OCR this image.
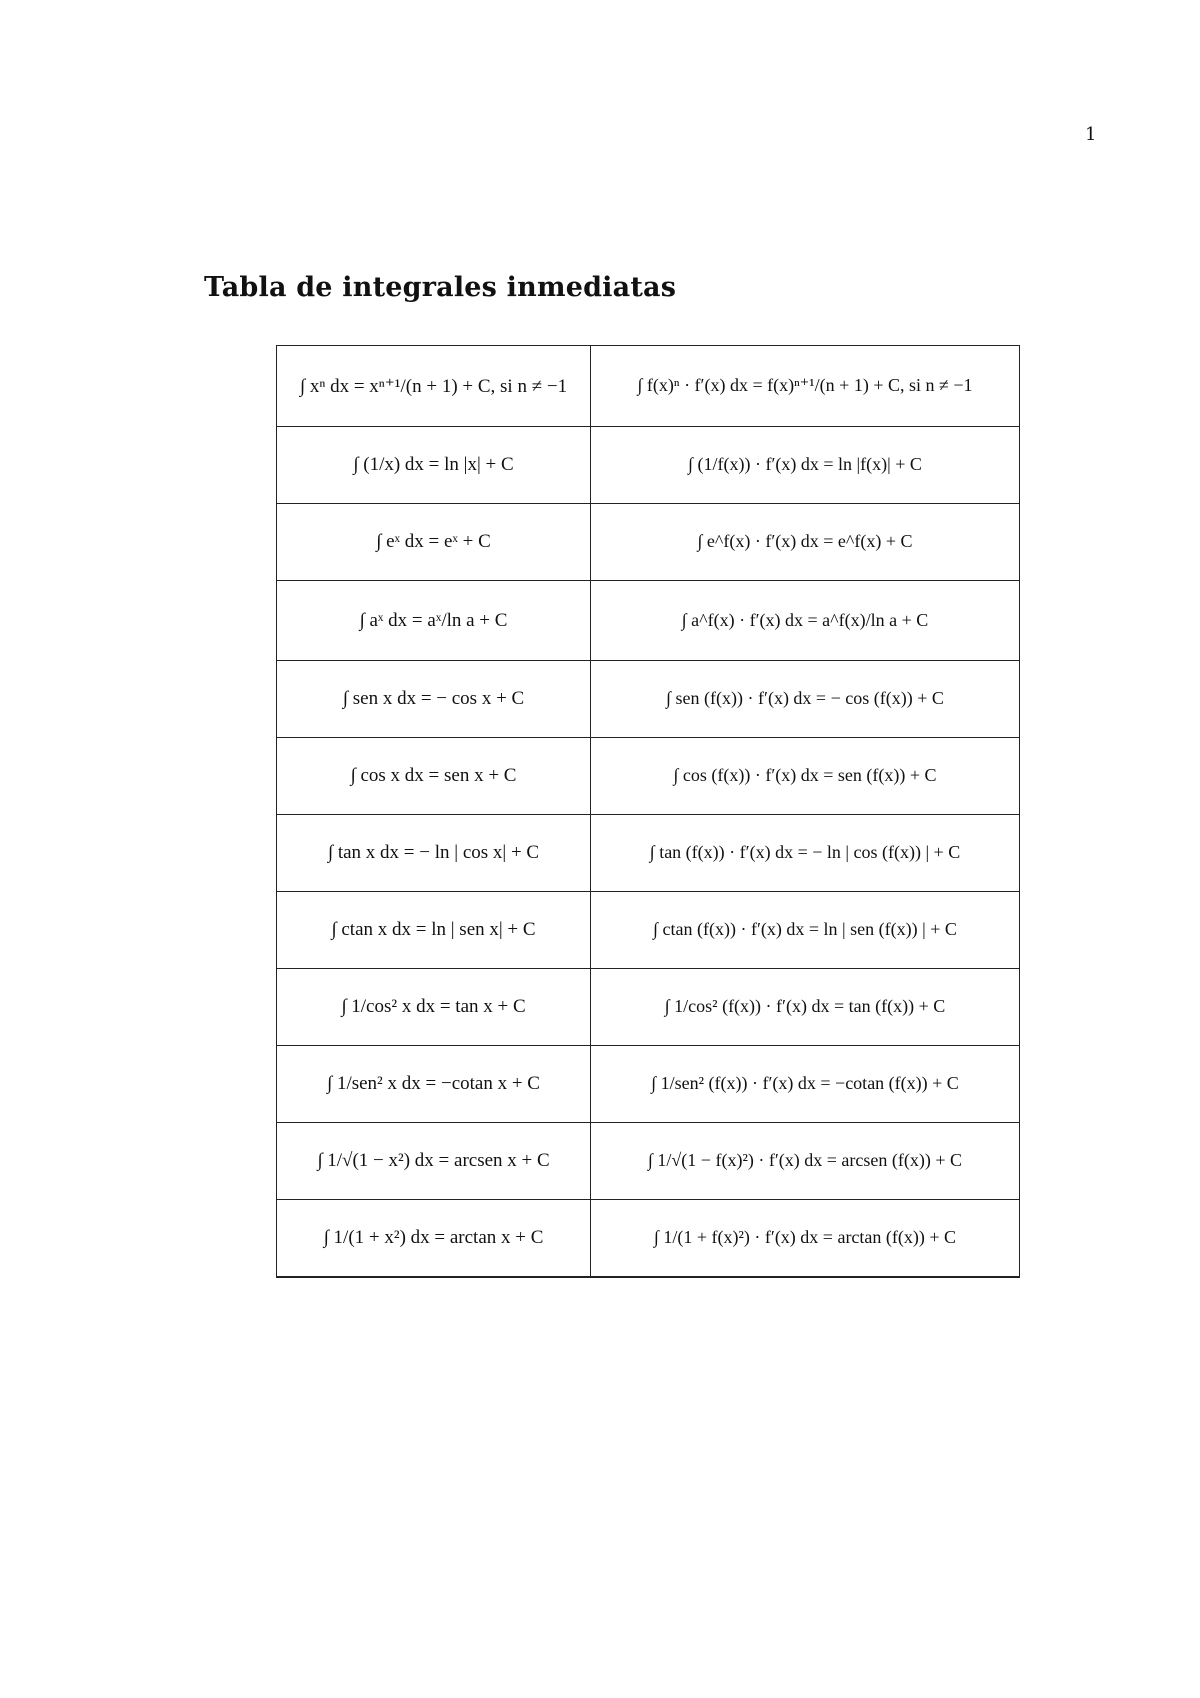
1
Tabla de integrales inmediatas
∫ xⁿ dx = xⁿ⁺¹/(n + 1) + C, si n ≠ −1	∫ f(x)ⁿ · f′(x) dx = f(x)ⁿ⁺¹/(n + 1) + C, si n ≠ −1
∫ (1/x) dx = ln |x| + C	∫ (1/f(x)) · f′(x) dx = ln |f(x)| + C
∫ eˣ dx = eˣ + C	∫ e^f(x) · f′(x) dx = e^f(x) + C
∫ aˣ dx = aˣ/ln a + C	∫ a^f(x) · f′(x) dx = a^f(x)/ln a + C
∫ sen x dx = − cos x + C	∫ sen (f(x)) · f′(x) dx = − cos (f(x)) + C
∫ cos x dx = sen x + C	∫ cos (f(x)) · f′(x) dx = sen (f(x)) + C
∫ tan x dx = − ln | cos x| + C	∫ tan (f(x)) · f′(x) dx = − ln | cos (f(x)) | + C
∫ ctan x dx = ln | sen x| + C	∫ ctan (f(x)) · f′(x) dx = ln | sen (f(x)) | + C
∫ 1/cos² x dx = tan x + C	∫ 1/cos² (f(x)) · f′(x) dx = tan (f(x)) + C
∫ 1/sen² x dx = −cotan x + C	∫ 1/sen² (f(x)) · f′(x) dx = −cotan (f(x)) + C
∫ 1/√(1 − x²) dx = arcsen x + C	∫ 1/√(1 − f(x)²) · f′(x) dx = arcsen (f(x)) + C
∫ 1/(1 + x²) dx = arctan x + C	∫ 1/(1 + f(x)²) · f′(x) dx = arctan (f(x)) + C
